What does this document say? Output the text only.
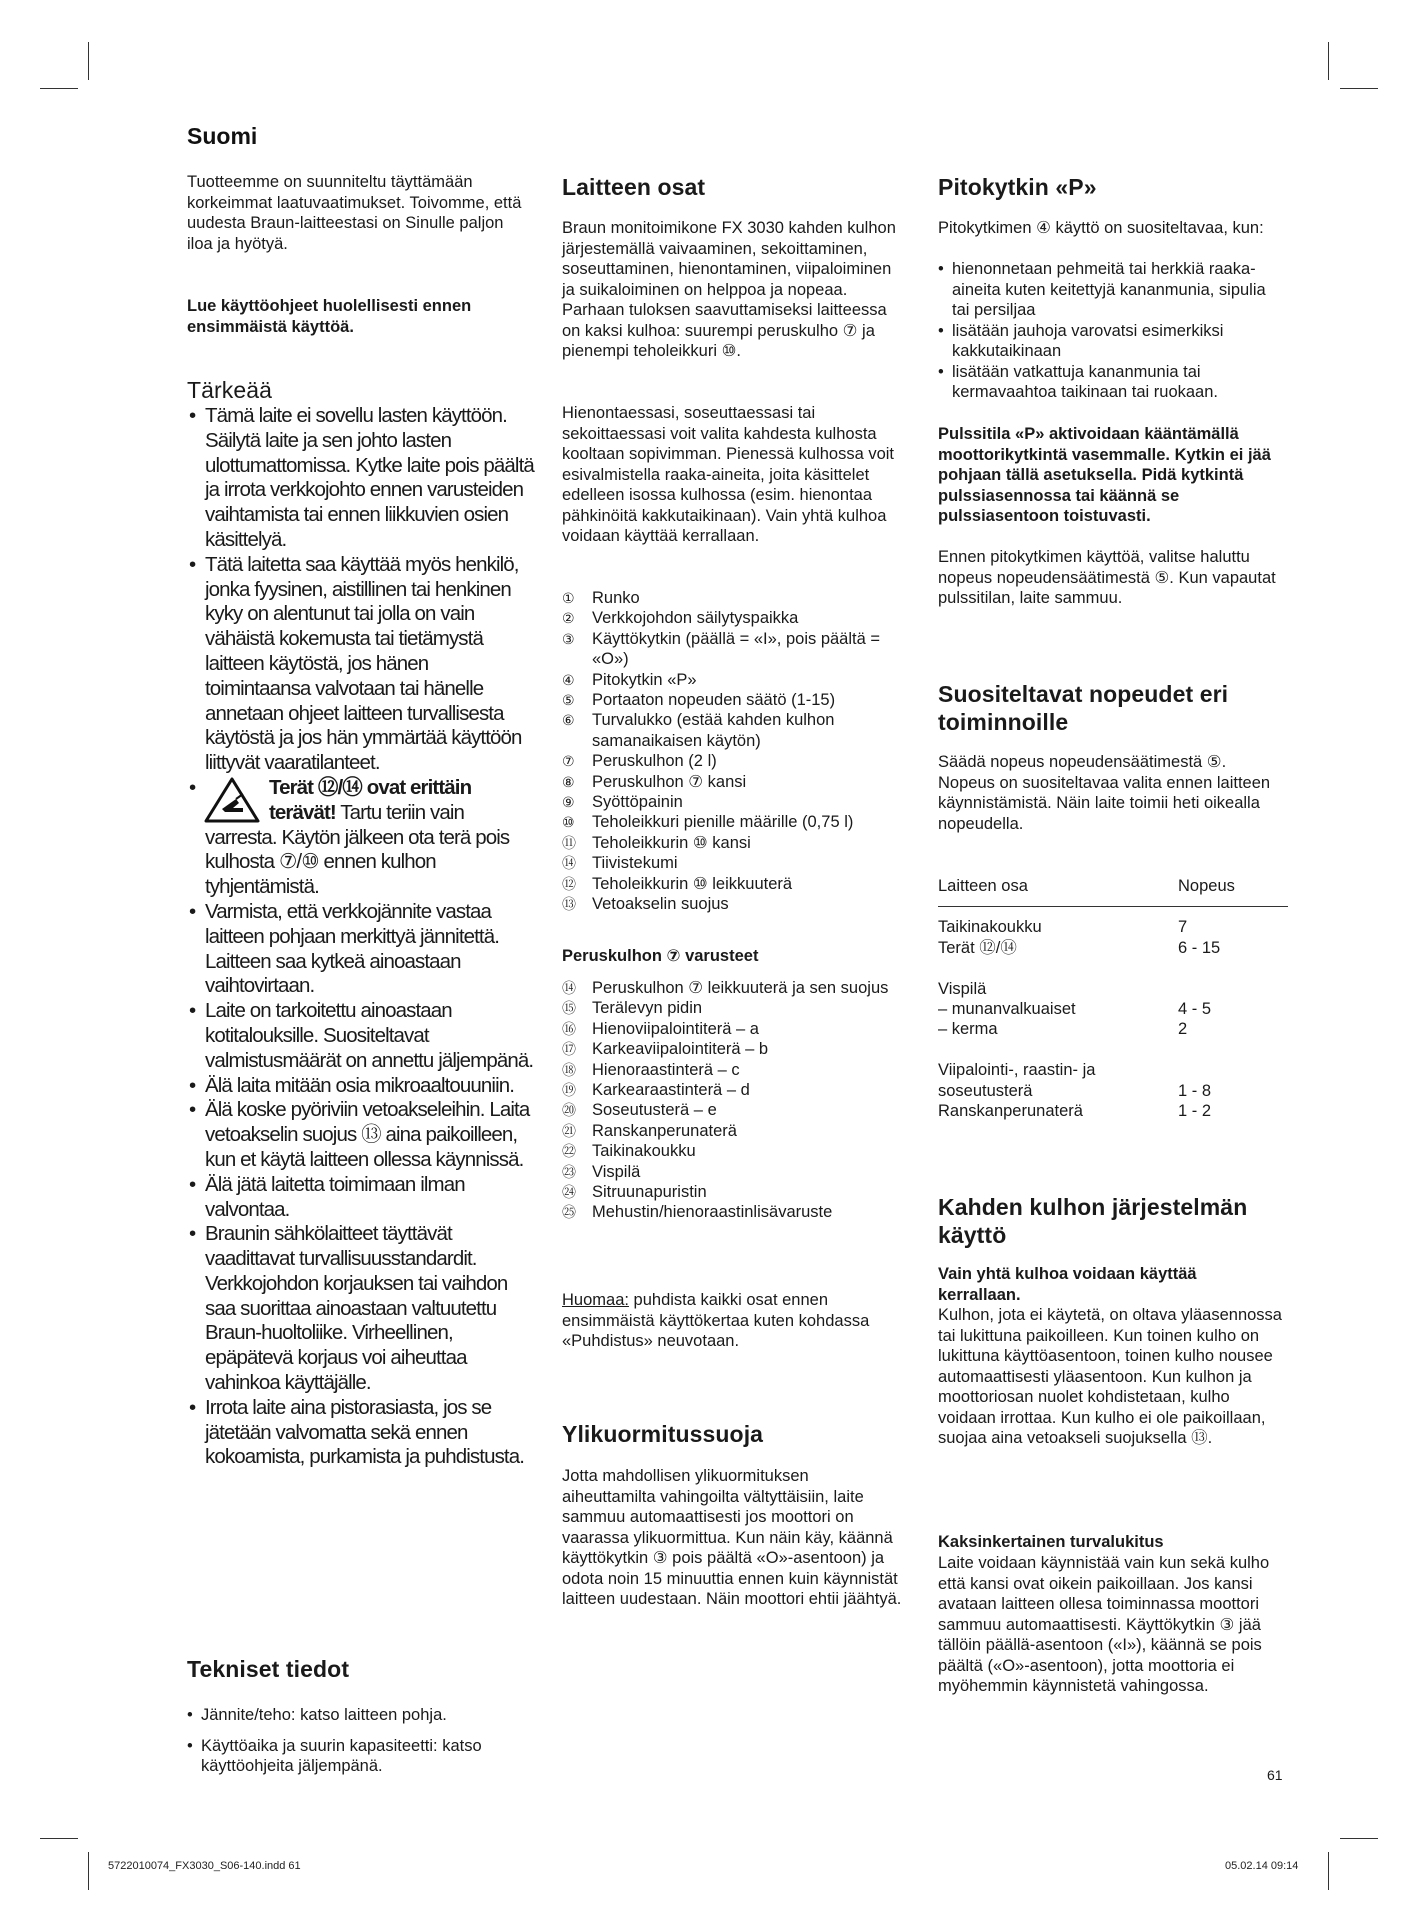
Suomi

Tuotteemme on suunniteltu täyttämään korkeimmat laatuvaatimukset. Toivomme, että uudesta Braun-laitteestasi on Sinulle paljon iloa ja hyötyä.

Lue käyttöohjeet huolellisesti ennen ensimmäistä käyttöä.

Tärkeää
• Tämä laite ei sovellu lasten käyttöön. Säilytä laite ja sen johto lasten ulottumattomissa. Kytke laite pois päältä ja irrota verkkojohto ennen varusteiden vaihtamista tai ennen liikkuvien osien käsittelyä.
• Tätä laitetta saa käyttää myös henkilö, jonka fyysinen, aistillinen tai henkinen kyky on alentunut tai jolla on vain vähäistä kokemusta tai tietämystä laitteen käytöstä, jos hänen toimintaansa valvotaan tai hänelle annetaan ohjeet laitteen turvallisesta käytöstä ja jos hän ymmärtää käyttöön liittyvät vaaratilanteet.
• Terät ⑫/⑭ ovat erittäin terävät! Tartu teriin vain varresta. Käytön jälkeen ota terä pois kulhosta ⑦/⑩ ennen kulhon tyhjentämistä.
• Varmista, että verkkojännite vastaa laitteen pohjaan merkittyä jännitettä. Laitteen saa kytkeä ainoastaan vaihtovirtaan.
• Laite on tarkoitettu ainoastaan kotitalouksille. Suositeltavat valmistusmäärät on annettu jäljempänä.
• Älä laita mitään osia mikroaaltouuniin.
• Älä koske pyöriviin vetoakseleihin. Laita vetoakselin suojus ⑬ aina paikoilleen, kun et käytä laitteen ollessa käynnissä.
• Älä jätä laitetta toimimaan ilman valvontaa.
• Braunin sähkölaitteet täyttävät vaadittavat turvallisuusstandardit. Verkkojohdon korjauksen tai vaihdon saa suorittaa ainoastaan valtuutettu Braun-huoltoliike. Virheellinen, epäpätevä korjaus voi aiheuttaa vahinkoa käyttäjälle.
• Irrota laite aina pistorasiasta, jos se jätetään valvomatta sekä ennen kokoamista, purkamista ja puhdistusta.
Tekniset tiedot
• Jännite/teho: katso laitteen pohja.
• Käyttöaika ja suurin kapasiteetti: katso käyttöohjeita jäljempänä.
Laitteen osat

Braun monitoimikone FX 3030 kahden kulhon järjestemällä vaivaaminen, sekoittaminen, soseuttaminen, hienontaminen, viipaloiminen ja suikaloiminen on helppoa ja nopeaa. Parhaan tuloksen saavuttamiseksi laitteessa on kaksi kulhoa: suurempi peruskulho ⑦ ja pienempi teholeikkuri ⑩.

Hienontaessasi, soseuttaessasi tai sekoittaessasi voit valita kahdesta kulhosta kooltaan sopivimman. Pienessä kulhossa voit esivalmistella raaka-aineita, joita käsittelet edelleen isossa kulhossa (esim. hienontaa pähkinöitä kakkutaikinaan). Vain yhtä kulhoa voidaan käyttää kerrallaan.

① Runko
② Verkkojohdon säilytyspaikka
③ Käyttökytkin (päällä = «I», pois päältä = «O»)
④ Pitokytkin «P»
⑤ Portaaton nopeuden säätö (1-15)
⑥ Turvalukko (estää kahden kulhon samanaikaisen käytön)
⑦ Peruskulhon (2 l)
⑧ Peruskulhon ⑦ kansi
⑨ Syöttöpainin
⑩ Teholeikkuri pienille määrille (0,75 l)
⑪ Teholeikkurin ⑩ kansi
⑭ Tiivistekumi
⑫ Teholeikkurin ⑩ leikkuuterä
⑬ Vetoakselin suojus

Peruskulhon ⑦ varusteet

⑭ Peruskulhon ⑦ leikkuuterä ja sen suojus
⑮ Terälevyn pidin
⑯ Hienoviipalointiterä – a
⑰ Karkeaviipalointiterä – b
⑱ Hienoraastinterä – c
⑲ Karkearaastinterä – d
⑳ Soseutusterä – e
㉑ Ranskanperunaterä
㉒ Taikinakoukku
㉓ Vispilä
㉔ Sitruunapuristin
㉕ Mehustin/hienoraastinlisävaruste

Huomaa: puhdista kaikki osat ennen ensimmäistä käyttökertaa kuten kohdassa «Puhdistus» neuvotaan.

Ylikuormitussuoja

Jotta mahdollisen ylikuormituksen aiheuttamilta vahingoilta vältyttäisiin, laite sammuu automaattisesti jos moottori on vaarassa ylikuormittua. Kun näin käy, käännä käyttökytkin ③ pois päältä «O»-asentoon) ja odota noin 15 minuuttia ennen kuin käynnistät laitteen uudestaan. Näin moottori ehtii jäähtyä.

Pitokytkin «P»

Pitokytkimen ④ käyttö on suositeltavaa, kun:

• hienonnetaan pehmeitä tai herkkiä raaka-aineita kuten keitettyjä kananmunia, sipulia tai persiljaa
• lisätään jauhoja varovatsi esimerkiksi kakkutaikinaan
• lisätään vatkattuja kananmunia tai kermavaahtoa taikinaan tai ruokaan.

Pulssitila «P» aktivoidaan kääntämällä moottorikytkintä vasemmalle. Kytkin ei jää pohjaan tällä asetuksella. Pidä kytkintä pulssiasennossa tai käännä se pulssiasentoon toistuvasti.

Ennen pitokytkimen käyttöä, valitse haluttu nopeus nopeudensäätimestä ⑤. Kun vapautat pulssitilan, laite sammuu.

Suositeltavat nopeudet eri toiminnoille

Säädä nopeus nopeudensäätimestä ⑤. Nopeus on suositeltavaa valita ennen laitteen käynnistämistä. Näin laite toimii heti oikealla nopeudella.

Laitteen osa	Nopeus

Taikinakoukku	7
Terät ⑫/⑭	6 - 15

Vispilä	
– munanvalkuaiset	4 - 5
– kerma	2

Viipalointi-, raastin- ja	
soseutusterä	1 - 8
Ranskanperunaterä	1 - 2
Kahden kulhon järjestelmän käyttö

Vain yhtä kulhoa voidaan käyttää kerrallaan.

Kulhon, jota ei käytetä, on oltava yläasennossa tai lukittuna paikoilleen. Kun toinen kulho on lukittuna käyttöasentoon, toinen kulho nousee automaattisesti yläasentoon. Kun kulhon ja moottoriosan nuolet kohdistetaan, kulho voidaan irrottaa. Kun kulho ei ole paikoillaan, suojaa aina vetoakseli suojuksella ⑬.

Kaksinkertainen turvalukitus

Laite voidaan käynnistää vain kun sekä kulho että kansi ovat oikein paikoillaan. Jos kansi avataan laitteen ollesa toiminnassa moottori sammuu automaattisesti. Käyttökytkin ③ jää tällöin päällä-asentoon («I»), käännä se pois päältä («O»-asentoon), jotta moottoria ei myöhemmin käynnistetä vahingossa.

61
5722010074_FX3030_S06-140.indd 61	05.02.14 09:14
